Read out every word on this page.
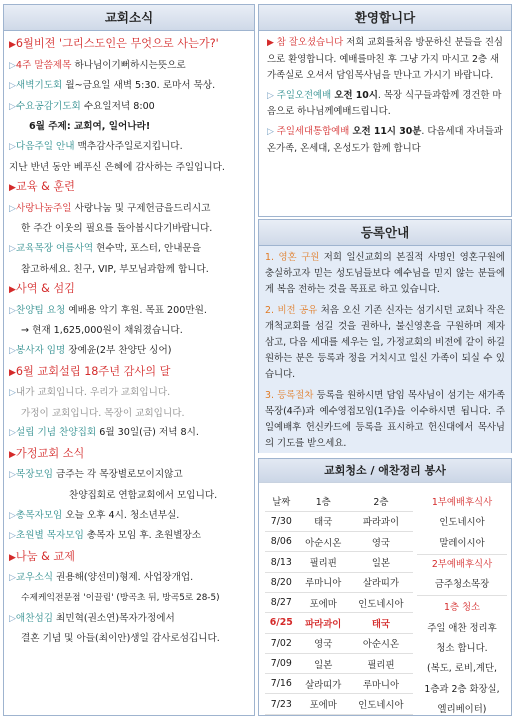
교회소식
▶6월비젼 '그리스도인은 무엇으로 사는가?'
▷4주 말씀제목 하나님이기뻐하시는뜻으로
▷새벽기도회 월~금요일 새벽 5:30. 로마서 묵상.
▷수요공감기도회 수요일저녁 8:00
6월 주제: 교회여, 일어나라!
▷다음주일 안내 맥추감사주일로지킵니다.
지난 반년 동안 베푸신 은혜에 감사하는 주일입니다.
▶교육 & 훈련
▷사랑나눔주일 사랑나눔 및 구제헌금을드리시고
한 주간 이웃의 필요를 돌아봅시다기바랍니다.
▷교육목장 여름사역 현수막, 포스터, 안내문을
참고하세요. 친구, VIP, 부모님과함께 합니다.
▶사역 & 섬김
▷찬양팀 요청 예배용 악기 후원. 목표 200만원.
→ 현재 1,625,000원이 채워졌습니다.
▷봉사자 임명 장예윤(2부 찬양단 싱어)
▶6월 교회설립 18주년 감사의 달
▷내가 교회입니다. 우리가 교회입니다.
가정이 교회입니다. 목장이 교회입니다.
▷설립 기념 찬양집회 6월 30일(금) 저녁 8시.
▶가정교회 소식
▷목장모임 금주는 각 목장별로모이지않고
찬양집회로 연합교회에서 모입니다.
▷총목자모임 오늘 오후 4시. 청소년부실.
▷초원별 목자모임 총목자 모임 후. 초원별장소
▶나눔 & 교제
▷교우소식 권용해(양선미)형제. 사업장개업.
수제케익전문점 '이끌림' (방곡초 뒤, 방곡5로 28-5)
▷애찬섬김 최민혁(권소연)목자가정에서
결혼 기념 및 아들(최이안)생일 감사로섬깁니다.
환영합니다

▶ 참 잘오셨습니다 저희 교회를처음 방문하신 분들을 진심으로 환영합니다. 예배를마친 후 그냥 가지 마시고 2층 새가족실로 오셔서 담임목사님을 만나고 가시기 바랍니다.

▷ 주일오전예배 오전 10시. 목장 식구들과함께 경건한 마음으로 하나님께예배드립니다.

▷ 주일세대통합예배 오전 11시 30분. 다음세대 자녀들과 온가족, 온세대, 온성도가 함께 합니다

등록안내

1. 영혼 구원 저희 일신교회의 본질적 사명인 영혼구원에 충실하고자 믿는 성도님들보다 예수님을 믿지 않는 분들에게 복음 전하는 것을 목표로 하고 있습니다.

2. 비전 공유 처음 오신 기존 신자는 섬기시던 교회나 작은 개척교회를 섬길 것을 권하나, 불신영혼을 구원하며 제자 삼고, 다음 세대를 세우는 일, 가정교회의 비전에 같이 하길 원하는 분은 등록과 정을 거치시고 일신 가족이 되실 수 있습니다.

3. 등록절차 등록을 원하시면 담임 목사님이 섬기는 새가족목장(4주)과 예수영접모임(1주)을 이수하시면 됩니다. 주일예배후 헌신카드에 등록을 표시하고 헌신대에서 목사님의 기도를 받으세요.

교회청소 / 애찬정리 봉사
날짜	1층	2층
7/30	태국	파라과이
8/06	아순시온	영국
8/13	필리핀	일본
8/20	루마니아	살라띠가
8/27	포에마	인도네시아
6/25	파라과이	태국
7/02	영국	아순시온
7/09	일본	필리핀
7/16	살라띠가	루마니아
7/23	포에마	인도네시아
1부예배후식사
인도네시아
말레이시아
2부예배후식사
금주청소목장
1층 청소
주일 애찬 정리후
청소 합니다.
(복도, 로비,계단,
1층과 2층 화장실,
엘리베이터)
